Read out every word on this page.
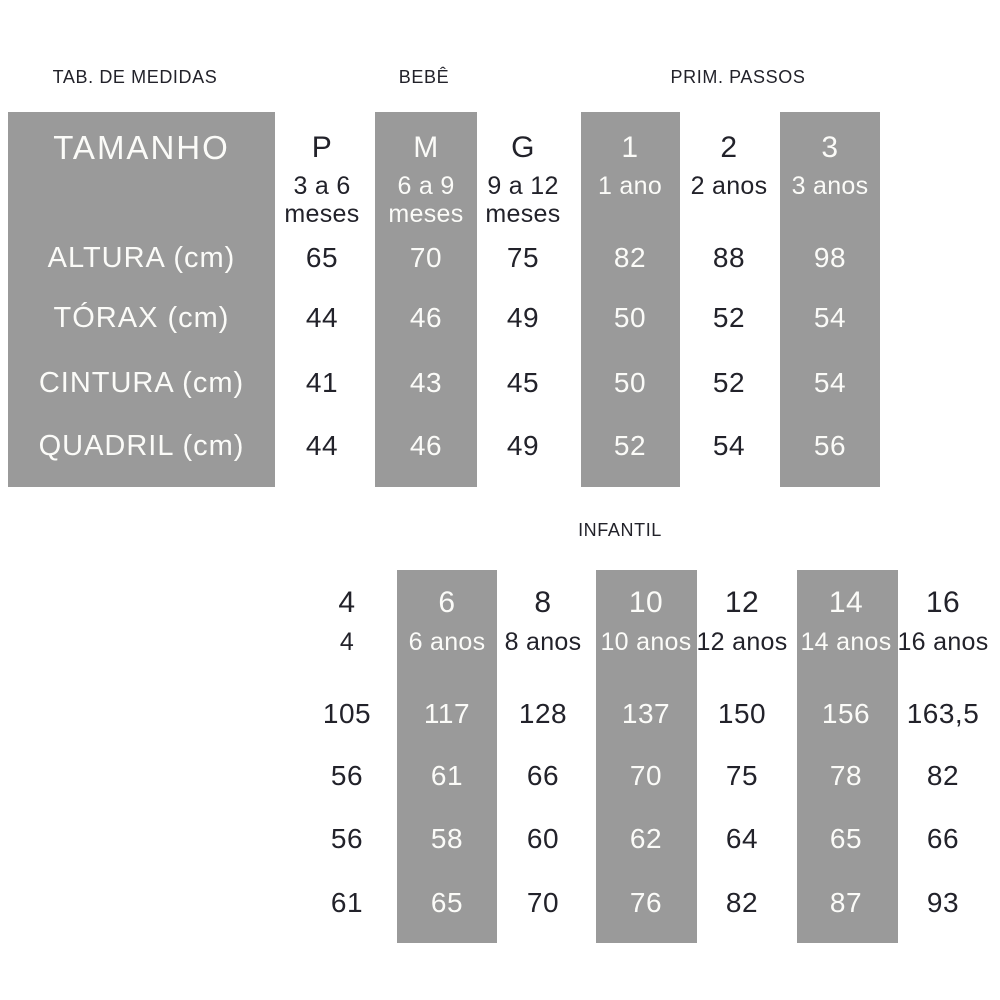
TAB. DE MEDIDAS	BEBÊ	PRIM. PASSOS
INFANTIL
TAMANHO
ALTURA (cm)
TÓRAX (cm)
CINTURA (cm)
QUADRIL (cm)
P
3 a 6
meses
65
44
41
44
M
6 a 9
meses
70
46
43
46
G
9 a 12
meses
75
49
45
49
1
1 ano
82
50
50
52
2
2 anos
88
52
52
54
3
3 anos
98
54
54
56
4
4
105
56
56
61
6
6 anos
117
61
58
65
8
8 anos
128
66
60
70
10
10 anos
137
70
62
76
12
12 anos
150
75
64
82
14
14 anos
156
78
65
87
16
16 anos
163,5
82
66
93
